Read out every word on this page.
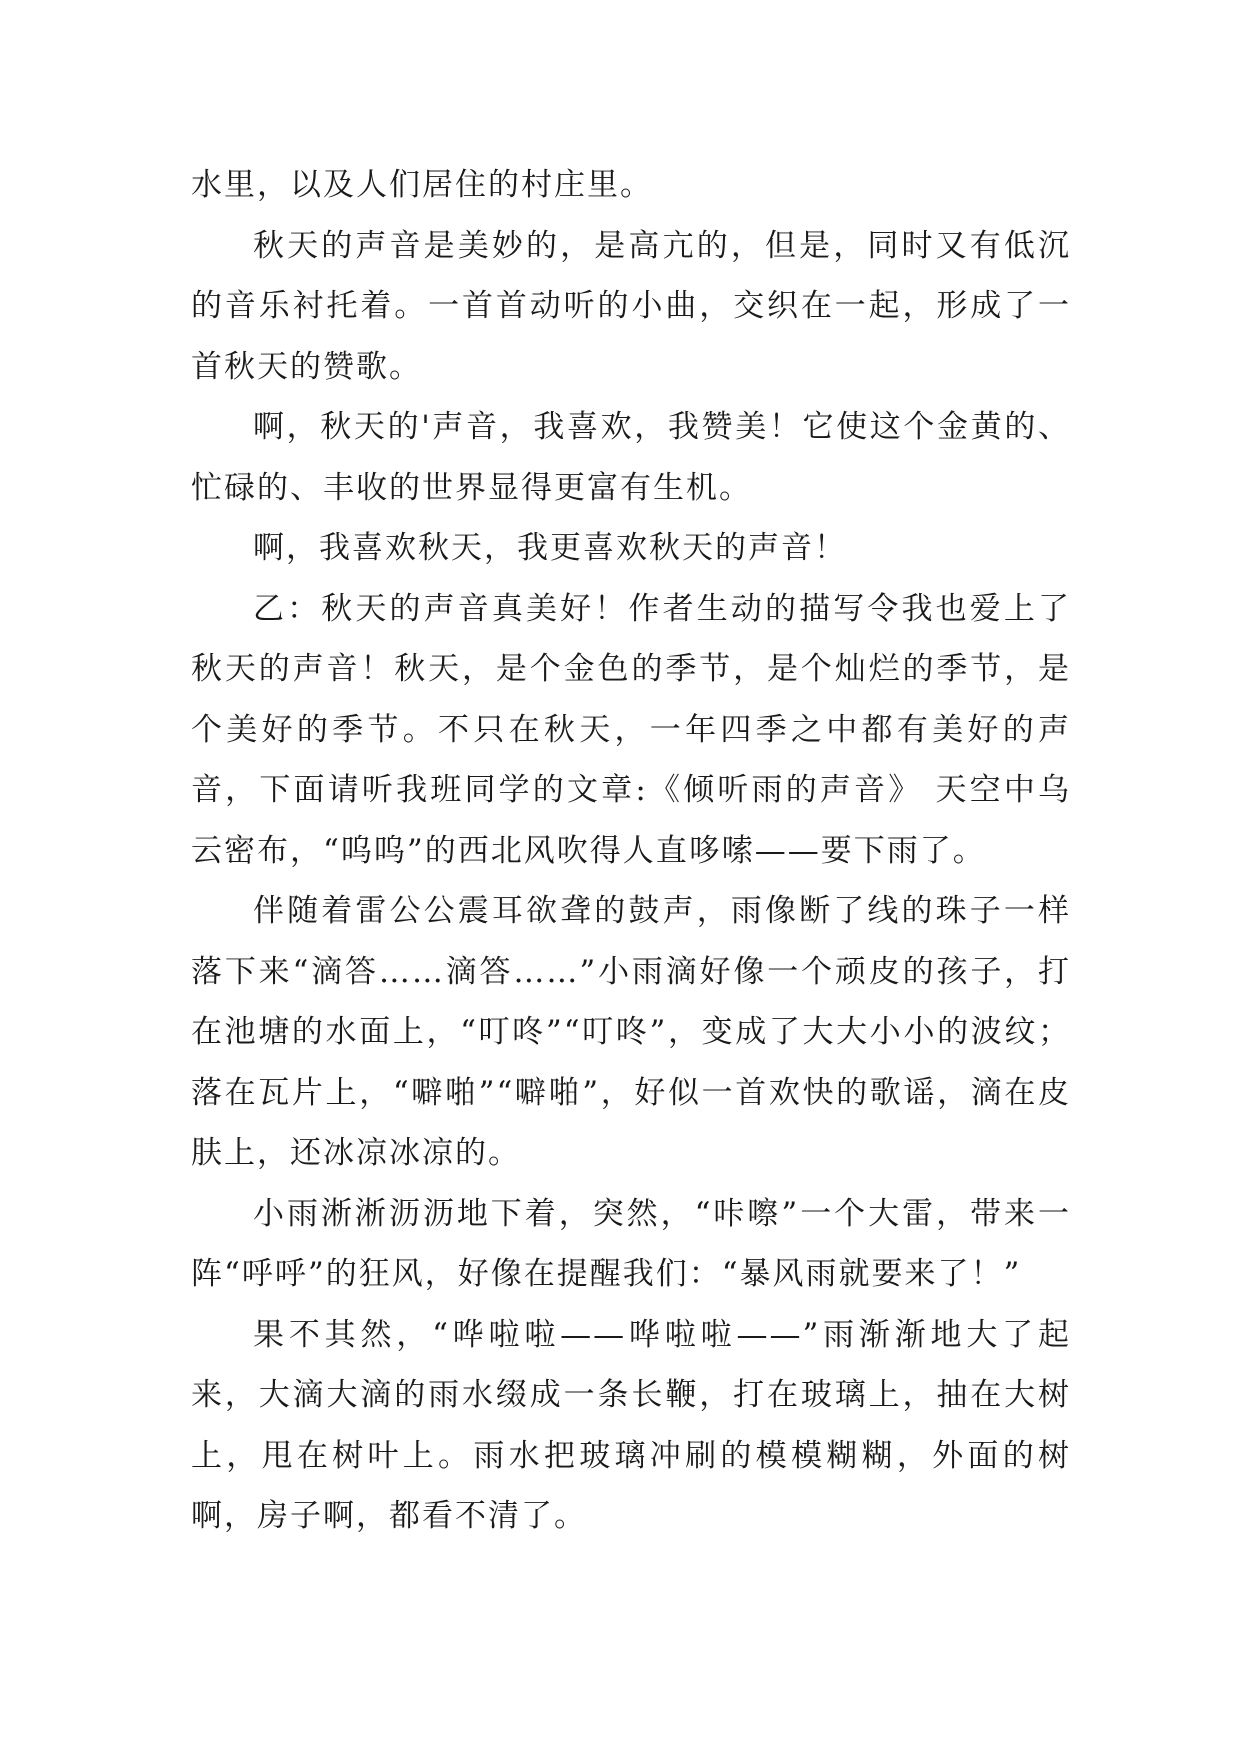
水里，以及人们居住的村庄里。

秋天的声音是美妙的，是高亢的，但是，同时又有低沉的音乐衬托着。一首首动听的小曲，交织在一起，形成了一首秋天的赞歌。

啊，秋天的'声音，我喜欢，我赞美！它使这个金黄的、忙碌的、丰收的世界显得更富有生机。

啊，我喜欢秋天，我更喜欢秋天的声音！

乙：秋天的声音真美好！作者生动的描写令我也爱上了秋天的声音！秋天，是个金色的季节，是个灿烂的季节，是个美好的季节。不只在秋天，一年四季之中都有美好的声音，下面请听我班同学的文章:《倾听雨的声音》 天空中乌云密布，“呜呜”的西北风吹得人直哆嗦——要下雨了。

伴随着雷公公震耳欲聋的鼓声，雨像断了线的珠子一样落下来“滴答……滴答……”小雨滴好像一个顽皮的孩子，打在池塘的水面上，“叮咚”“叮咚”，变成了大大小小的波纹；落在瓦片上，“噼啪”“噼啪”，好似一首欢快的歌谣，滴在皮肤上，还冰凉冰凉的。

小雨淅淅沥沥地下着，突然，“咔嚓”一个大雷，带来一阵“呼呼”的狂风，好像在提醒我们：“暴风雨就要来了！”

果不其然，“哗啦啦——哗啦啦——”雨渐渐地大了起来，大滴大滴的雨水缀成一条长鞭，打在玻璃上，抽在大树上，甩在树叶上。雨水把玻璃冲刷的模模糊糊，外面的树啊，房子啊，都看不清了。
